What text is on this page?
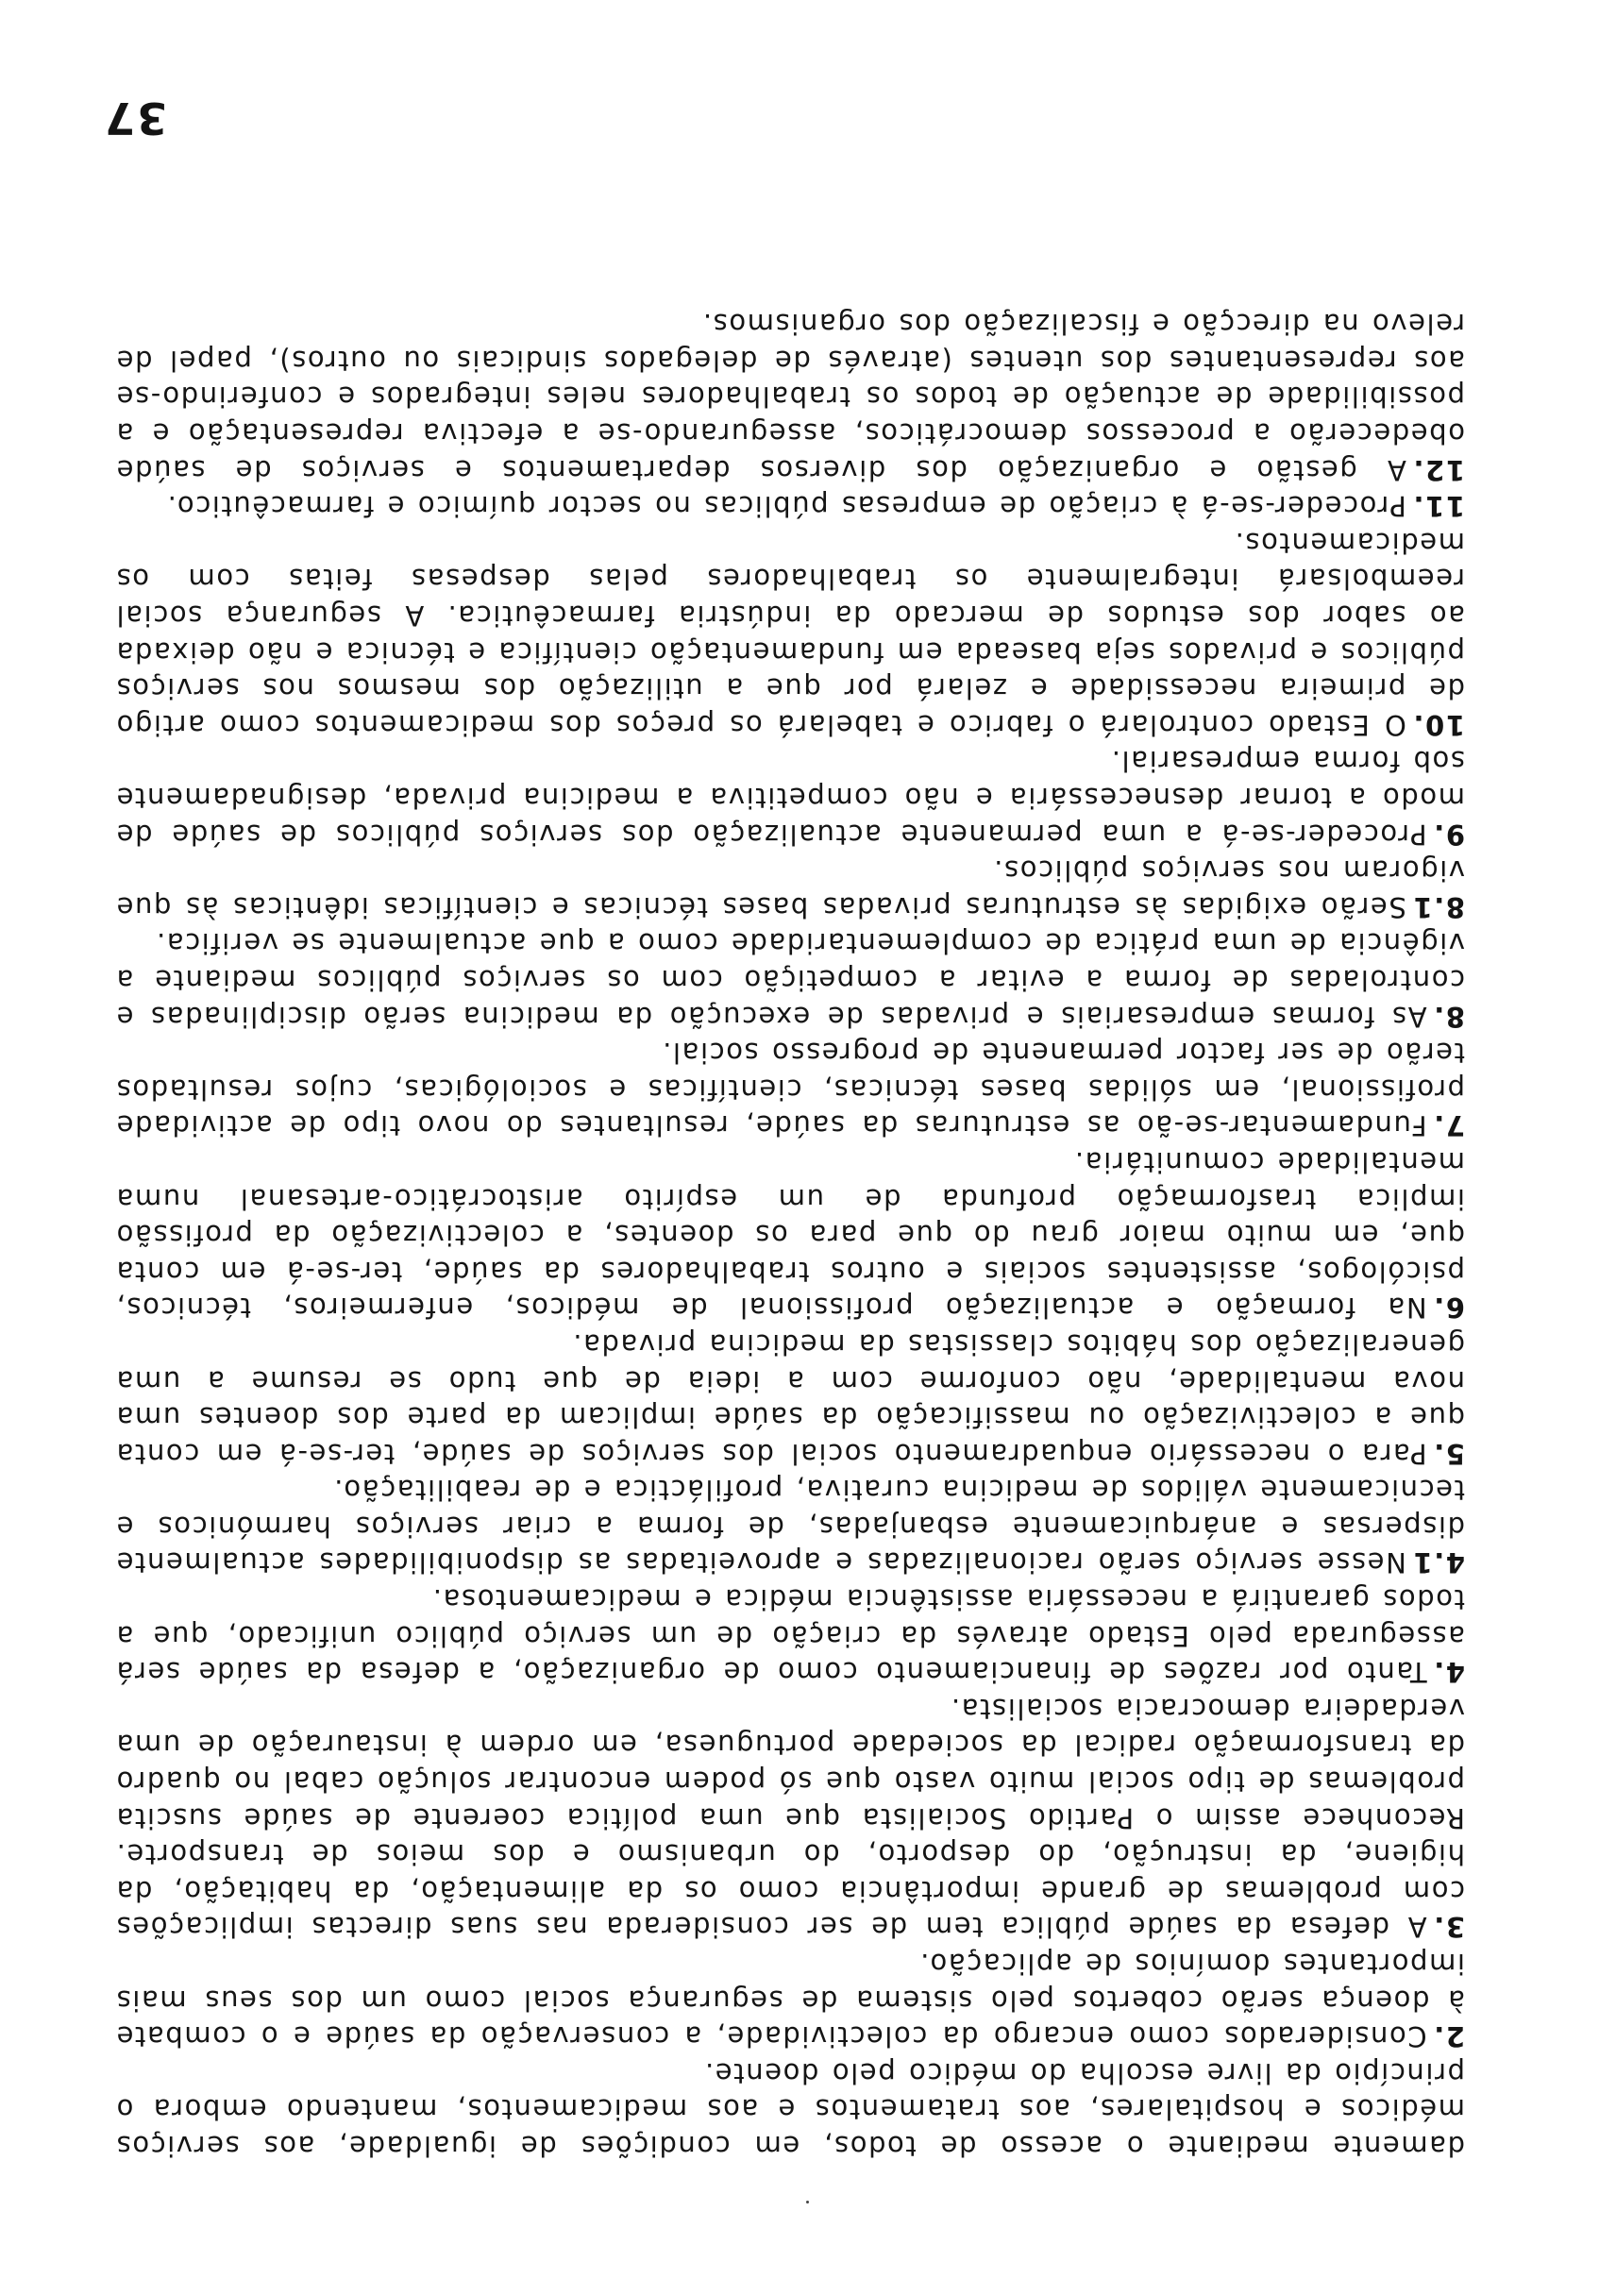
damente mediante o acesso de todos, em condições de igualdade, aos serviços médicos e hospitalares, aos tratamentos e aos medicamentos, mantendo embora o princípio da livre escolha do médico pelo doente.

2.Considerados como encargo da colectividade, a conservação da saúde e o combate à doença serão cobertos pelo sistema de segurança social como um dos seus mais importantes domínios de aplicação.

3.A defesa da saúde pública tem de ser considerada nas suas directas implicações com problemas de grande importância como os da alimentação, da habitação, da higiene, da instrução, do desporto, do urbanismo e dos meios de transporte. Reconhece assim o Partido Socialista que uma política coerente de saúde suscita problemas de tipo social muito vasto que só podem encontrar solução cabal no quadro da transformação radical da sociedade portuguesa, em ordem à instauração de uma verdadeira democracia socialista.

4.Tanto por razões de financiamento como de organização, a defesa da saúde será assegurada pelo Estado através da criação de um serviço público unificado, que a todos garantirá a necessária assistência médica e medicamentosa.

4.1Nesse serviço serão racionalizadas e aproveitadas as disponibilidades actualmente dispersas e anárquicamente esbanjadas, de forma a criar serviços harmónicos e tecnicamente válidos de medicina curativa, profiláctica e de reabilitação.

5.Para o necessário enquadramento social dos serviços de saúde, ter-se-á em conta que a colectivização ou massificação da saúde implicam da parte dos doentes uma nova mentalidade, não conforme com a ideia de que tudo se resume a uma generalização dos hábitos classistas da medicina privada.

6.Na formação e actualização profissional de médicos, enfermeiros, técnicos, psicólogos, assistentes sociais e outros trabalhadores da saúde, ter-se-á em conta que, em muito maior grau do que para os doentes, a colectivização da profissão implica trasformação profunda de um espírito aristocrático-artesanal numa mentalidade comunitária.

7.Fundamentar-se-ão as estruturas da saúde, resultantes do novo tipo de actividade profissional, em sólidas bases técnicas, científicas e sociológicas, cujos resultados terão de ser factor permanente de progresso social.

8.As formas empresariais e privadas de execução da medicina serão disciplinadas e controladas de forma a evitar a competição com os serviços públicos mediante a vigência de uma prática de complementaridade como a que actualmente se verifica.

8.1Serão exigidas às estruturas privadas bases técnicas e científicas idênticas às que vigoram nos serviços públicos.

9.Proceder-se-á a uma permanente actualização dos serviços públicos de saúde de modo a tornar desnecessária e não competitiva a medicina privada, designadamente sob forma empresarial.

10.O Estado controlará o fabrico e tabelará os preços dos medicamentos como artigo de primeira necessidade e zelará por que a utilização dos mesmos nos serviços públicos e privados seja baseada em fundamentação científica e técnica e não deixada ao sabor dos estudos de mercado da indústria farmacêutica. A segurança social reembolsará integralmente os trabalhadores pelas despesas feitas com os medicamentos.

11.Proceder-se-á à criação de empresas públicas no sector químico e farmacêutico.

12.A gestão e organização dos diversos departamentos e serviços de saúde obedecerão a processos democráticos, assegurando-se a efectiva representação e a possibilidade de actuação de todos os trabalhadores neles integrados e conferindo-se aos representantes dos utentes (através de delegados sindicais ou outros), papel de relevo na direcção e fiscalização dos organismos.

37
